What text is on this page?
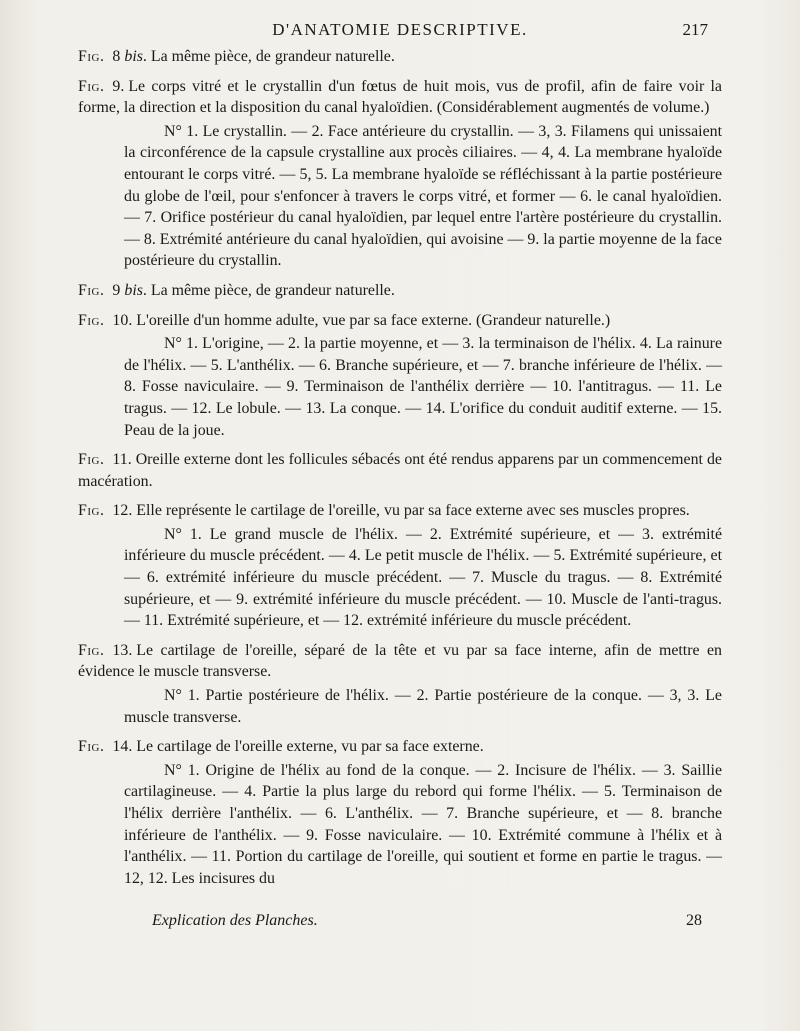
D'ANATOMIE DESCRIPTIVE.	217
Fig. 8 bis. La même pièce, de grandeur naturelle.
Fig. 9. Le corps vitré et le crystallin d'un fœtus de huit mois, vus de profil, afin de faire voir la forme, la direction et la disposition du canal hyaloïdien. (Considérablement augmentés de volume.)
N° 1. Le crystallin. — 2. Face antérieure du crystallin. — 3, 3. Filamens qui unissaient la circonférence de la capsule crystalline aux procès ciliaires. — 4, 4. La membrane hyaloïde entourant le corps vitré. — 5, 5. La membrane hyaloïde se réfléchissant à la partie postérieure du globe de l'œil, pour s'enfoncer à travers le corps vitré, et former — 6. le canal hyaloïdien. — 7. Orifice postérieur du canal hyaloïdien, par lequel entre l'artère postérieure du crystallin. — 8. Extrémité antérieure du canal hyaloïdien, qui avoisine — 9. la partie moyenne de la face postérieure du crystallin.
Fig. 9 bis. La même pièce, de grandeur naturelle.
Fig. 10. L'oreille d'un homme adulte, vue par sa face externe. (Grandeur naturelle.)
N° 1. L'origine, — 2. la partie moyenne, et — 3. la terminaison de l'hélix. 4. La rainure de l'hélix. — 5. L'anthélix. — 6. Branche supérieure, et — 7. branche inférieure de l'hélix. — 8. Fosse naviculaire. — 9. Terminaison de l'anthélix derrière — 10. l'antitragus. — 11. Le tragus. — 12. Le lobule. — 13. La conque. — 14. L'orifice du conduit auditif externe. — 15. Peau de la joue.
Fig. 11. Oreille externe dont les follicules sébacés ont été rendus apparens par un commencement de macération.
Fig. 12. Elle représente le cartilage de l'oreille, vu par sa face externe avec ses muscles propres.
N° 1. Le grand muscle de l'hélix. — 2. Extrémité supérieure, et — 3. extrémité inférieure du muscle précédent. — 4. Le petit muscle de l'hélix. — 5. Extrémité supérieure, et — 6. extrémité inférieure du muscle précédent. — 7. Muscle du tragus. — 8. Extrémité supérieure, et — 9. extrémité inférieure du muscle précédent. — 10. Muscle de l'anti-tragus. — 11. Extrémité supérieure, et — 12. extrémité inférieure du muscle précédent.
Fig. 13. Le cartilage de l'oreille, séparé de la tête et vu par sa face interne, afin de mettre en évidence le muscle transverse.
N° 1. Partie postérieure de l'hélix. — 2. Partie postérieure de la conque. — 3, 3. Le muscle transverse.
Fig. 14. Le cartilage de l'oreille externe, vu par sa face externe.
N° 1. Origine de l'hélix au fond de la conque. — 2. Incisure de l'hélix. — 3. Saillie cartilagineuse. — 4. Partie la plus large du rebord qui forme l'hélix. — 5. Terminaison de l'hélix derrière l'anthélix. — 6. L'anthélix. — 7. Branche supérieure, et — 8. branche inférieure de l'anthélix. — 9. Fosse naviculaire. — 10. Extrémité commune à l'hélix et à l'anthélix. — 11. Portion du cartilage de l'oreille, qui soutient et forme en partie le tragus. — 12, 12. Les incisures du
Explication des Planches.	28
